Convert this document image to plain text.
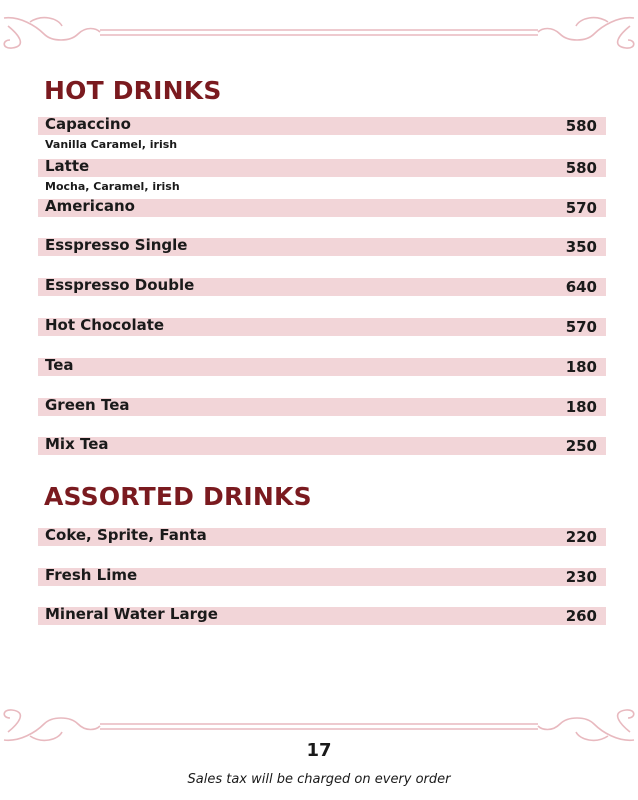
HOT DRINKS
Capaccino	580
Vanilla Caramel, irish
Latte	580
Mocha, Caramel, irish
Americano	570
Esspresso Single	350
Esspresso Double	640
Hot Chocolate	570
Tea	180
Green Tea	180
Mix Tea	250
ASSORTED DRINKS
Coke, Sprite, Fanta	220
Fresh Lime	230
Mineral Water Large	260
17
Sales tax will be charged on every order
